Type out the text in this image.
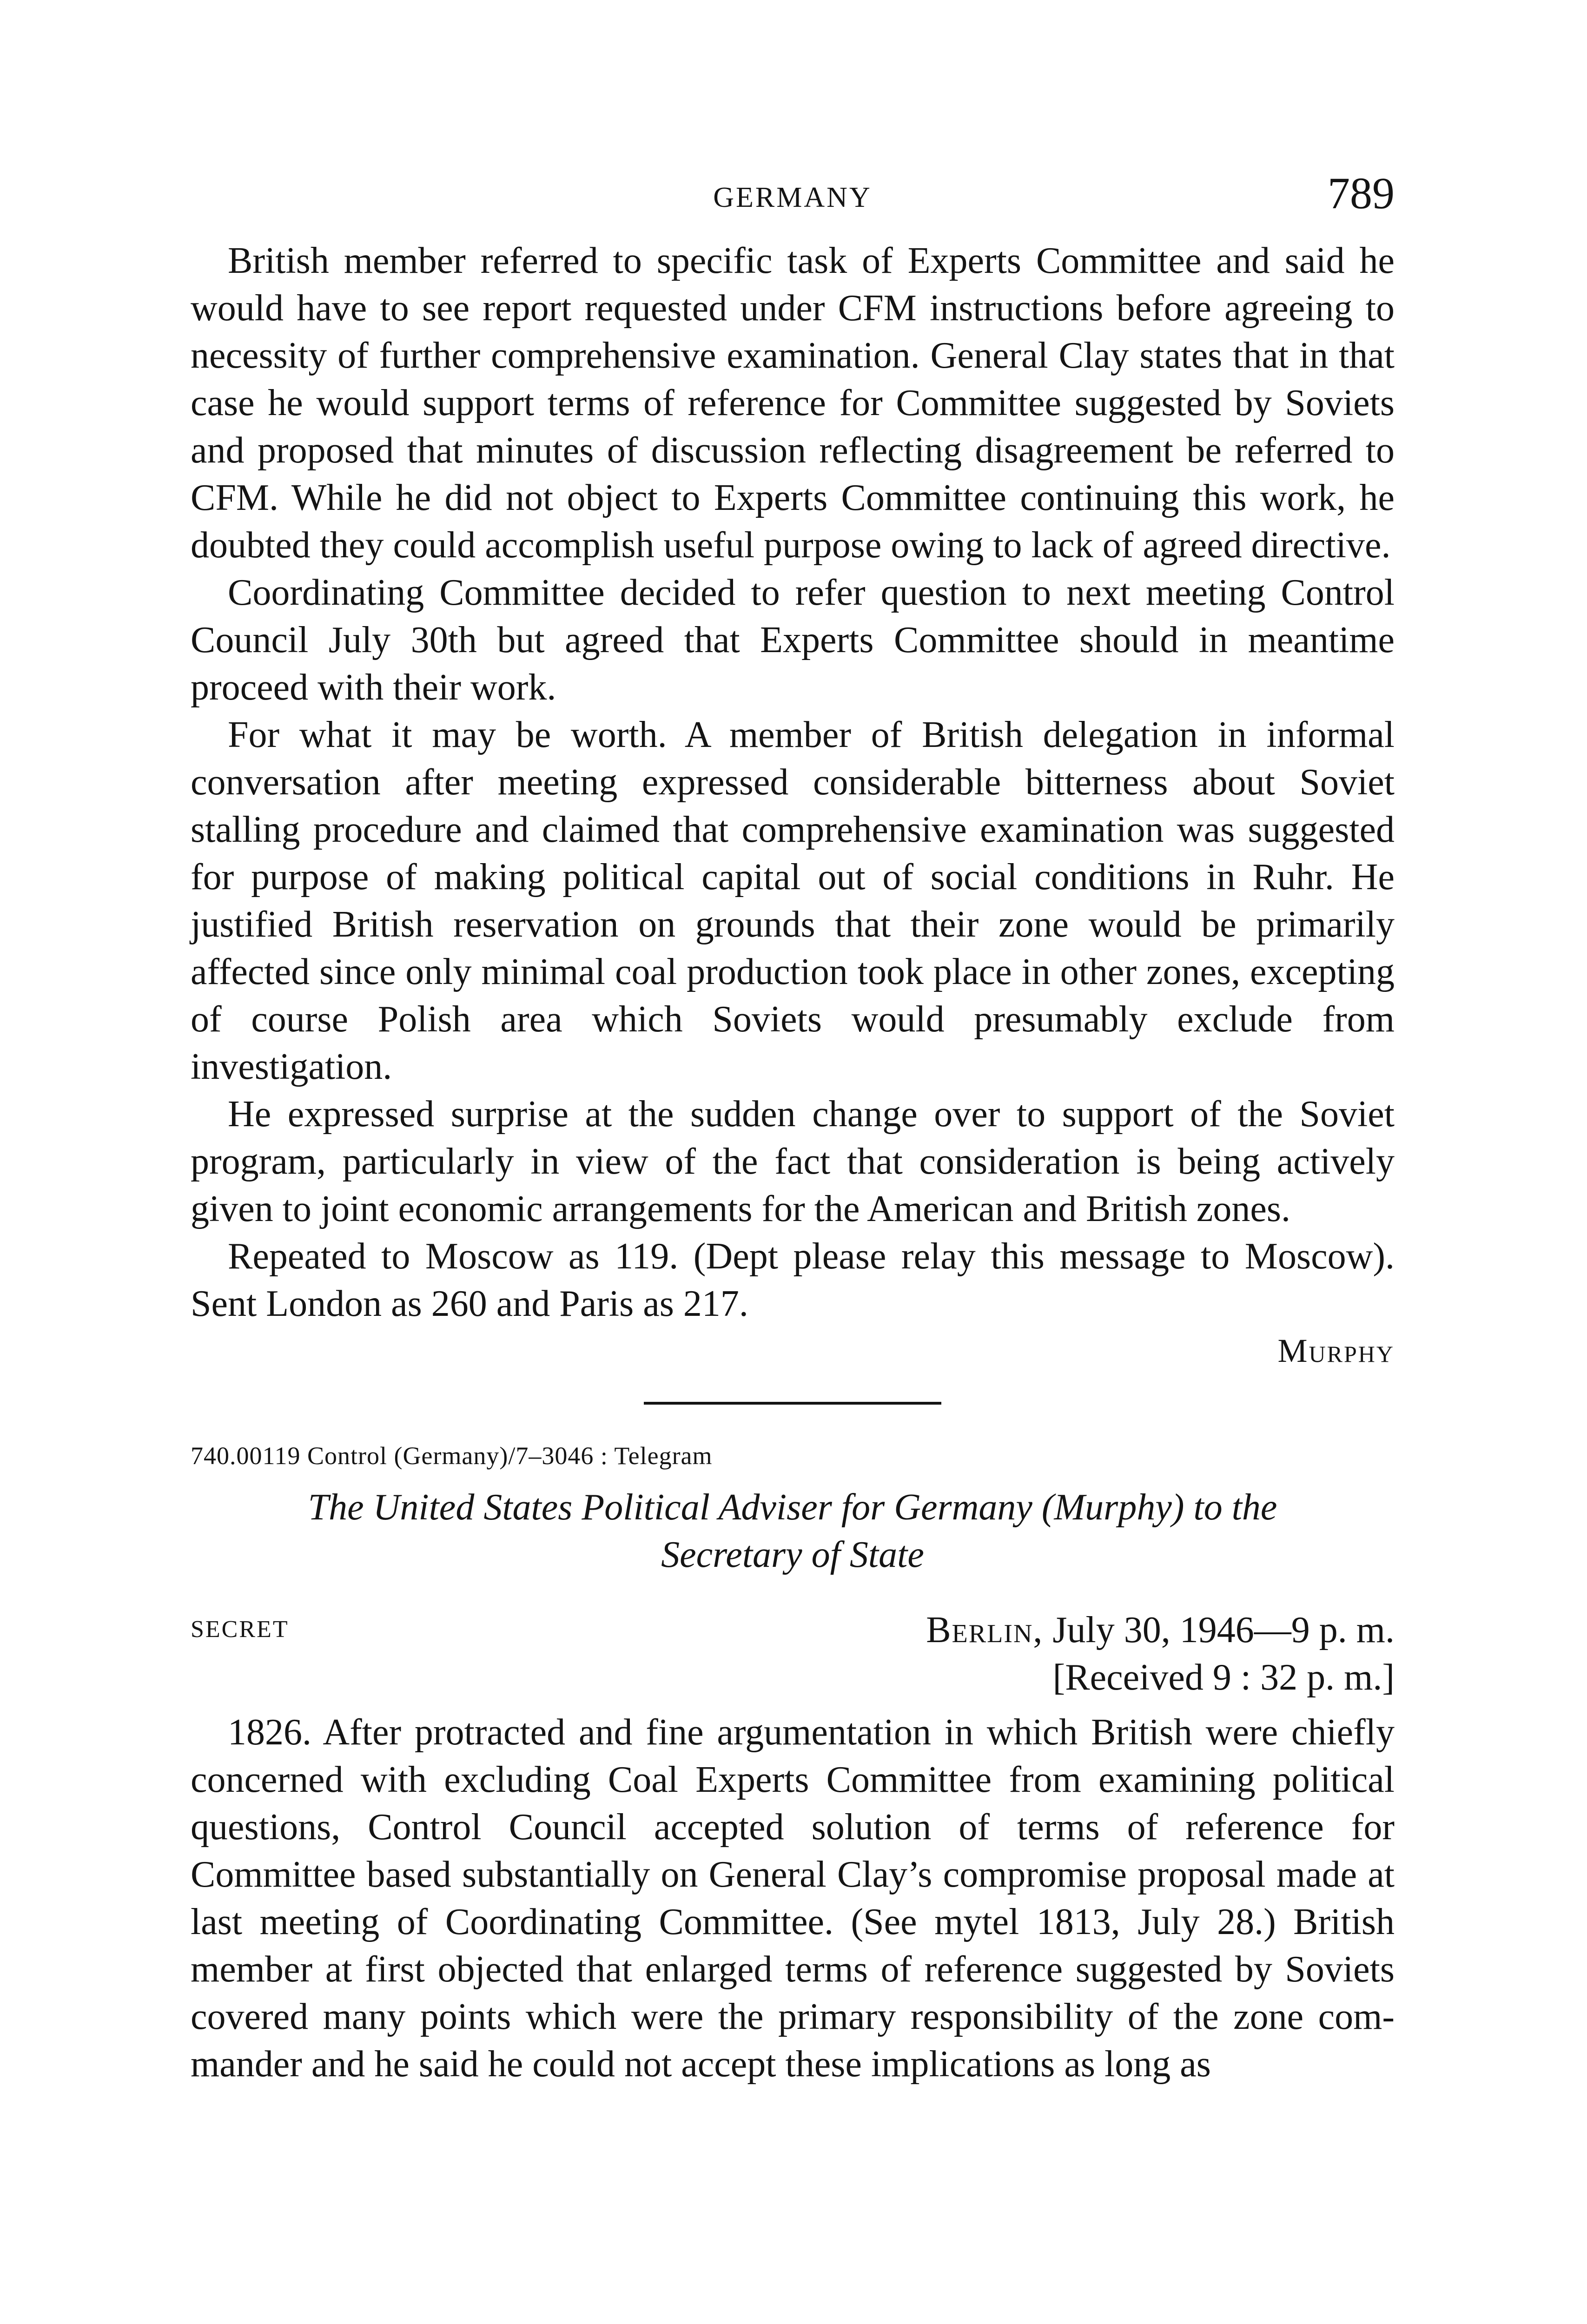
GERMANY	789

British member referred to specific task of Experts Committee and said he would have to see report requested under CFM instructions before agreeing to necessity of further comprehensive examination. General Clay states that in that case he would support terms of reference for Committee suggested by Soviets and proposed that minutes of discussion reflecting disagreement be referred to CFM. While he did not object to Experts Committee continuing this work, he doubted they could accomplish useful purpose owing to lack of agreed directive.

Coordinating Committee decided to refer question to next meeting Control Council July 30th but agreed that Experts Committee should in meantime proceed with their work.

For what it may be worth. A member of British delegation in informal conversation after meeting expressed considerable bitterness about Soviet stalling procedure and claimed that comprehensive examination was suggested for purpose of making political capital out of social conditions in Ruhr. He justified British reservation on grounds that their zone would be primarily affected since only minimal coal production took place in other zones, excepting of course Polish area which Soviets would presumably exclude from investigation.

He expressed surprise at the sudden change over to support of the Soviet program, particularly in view of the fact that consideration is being actively given to joint economic arrangements for the American and British zones.

Repeated to Moscow as 119. (Dept please relay this message to Moscow). Sent London as 260 and Paris as 217.

Murphy
740.00119 Control (Germany)/7–3046 : Telegram
The United States Political Adviser for Germany (Murphy) to the
Secretary of State
SECRET	Berlin, July 30, 1946—9 p. m.
[Received 9 : 32 p. m.]

1826. After protracted and fine argumentation in which British were chiefly concerned with excluding Coal Experts Committee from examining political questions, Control Council accepted solution of terms of reference for Committee based substantially on General Clay’s compromise proposal made at last meeting of Coordinating Committee. (See mytel 1813, July 28.) British member at first objected that enlarged terms of reference suggested by Soviets covered many points which were the primary responsibility of the zone commander and he said he could not accept these implications as long as
